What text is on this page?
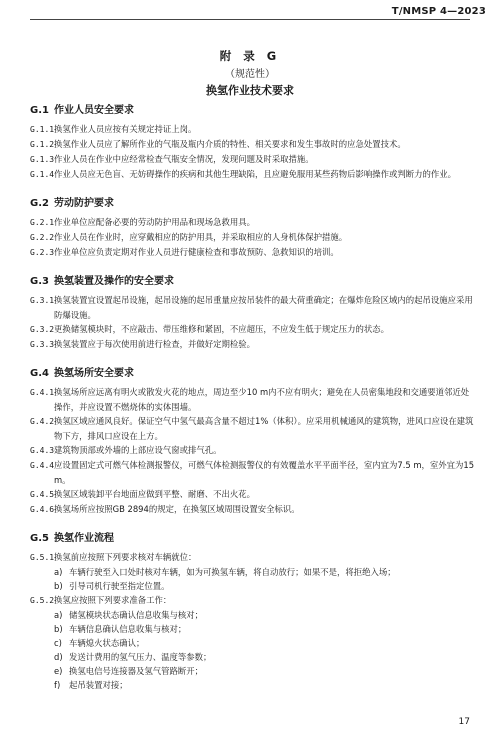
T/NMSP 4—2023
附 录 G
（规范性）
换氢作业技术要求
G.1 作业人员安全要求
G.1.1换氢作业人员应按有关规定持证上岗。
G.1.2换氢作业人员应了解所作业的气瓶及瓶内介质的特性、相关要求和发生事故时的应急处置技术。
G.1.3作业人员在作业中应经常检查气瓶安全情况，发现问题及时采取措施。
G.1.4作业人员应无色盲、无妨碍操作的疾病和其他生理缺陷，且应避免服用某些药物后影响操作或判断力的作业。
G.2 劳动防护要求
G.2.1作业单位应配备必要的劳动防护用品和现场急救用具。
G.2.2作业人员在作业时，应穿戴相应的防护用具，并采取相应的人身机体保护措施。
G.2.3作业单位应负责定期对作业人员进行健康检查和事故预防、急救知识的培训。
G.3 换氢装置及操作的安全要求
G.3.1换氢装置宜设置起吊设施，起吊设施的起吊重量应按吊装件的最大荷重确定；在爆炸危险区域内的起吊设施应采用防爆设施。
G.3.2更换储氢模块时，不应敲击、带压维修和紧固，不应超压，不应发生低于规定压力的状态。
G.3.3换氢装置应于每次使用前进行检查，并做好定期检验。
G.4 换氢场所安全要求
G.4.1换氢场所应远离有明火或散发火花的地点，周边至少10 m内不应有明火；避免在人员密集地段和交通要道邻近处操作，并应设置不燃烧体的实体围墙。
G.4.2换氢区域应通风良好。保证空气中氢气最高含量不超过1%（体积）。应采用机械通风的建筑物，进风口应设在建筑物下方，排风口应设在上方。
G.4.3建筑物顶部或外墙的上部应设气窗或排气孔。
G.4.4应设置固定式可燃气体检测报警仪，可燃气体检测报警仪的有效覆盖水平平面半径，室内宜为7.5 m，室外宜为15 m。
G.4.5换氢区域装卸平台地面应做到平整、耐磨、不出火花。
G.4.6换氢场所应按照GB 2894的规定，在换氢区域周围设置安全标识。
G.5 换氢作业流程
G.5.1换氢前应按照下列要求核对车辆就位：
a) 车辆行驶至入口处时核对车辆，如为可换氢车辆，将自动放行；如果不是，将拒绝入场；
b) 引导司机行驶至指定位置。
G.5.2换氢应按照下列要求准备工作：
a) 储氢模块状态确认信息收集与核对；
b) 车辆信息确认信息收集与核对；
c) 车辆熄火状态确认；
d) 发送计费用的氢气压力、温度等参数；
e) 换氢电信号连接器及氢气管路断开；
f) 起吊装置对接；
17
